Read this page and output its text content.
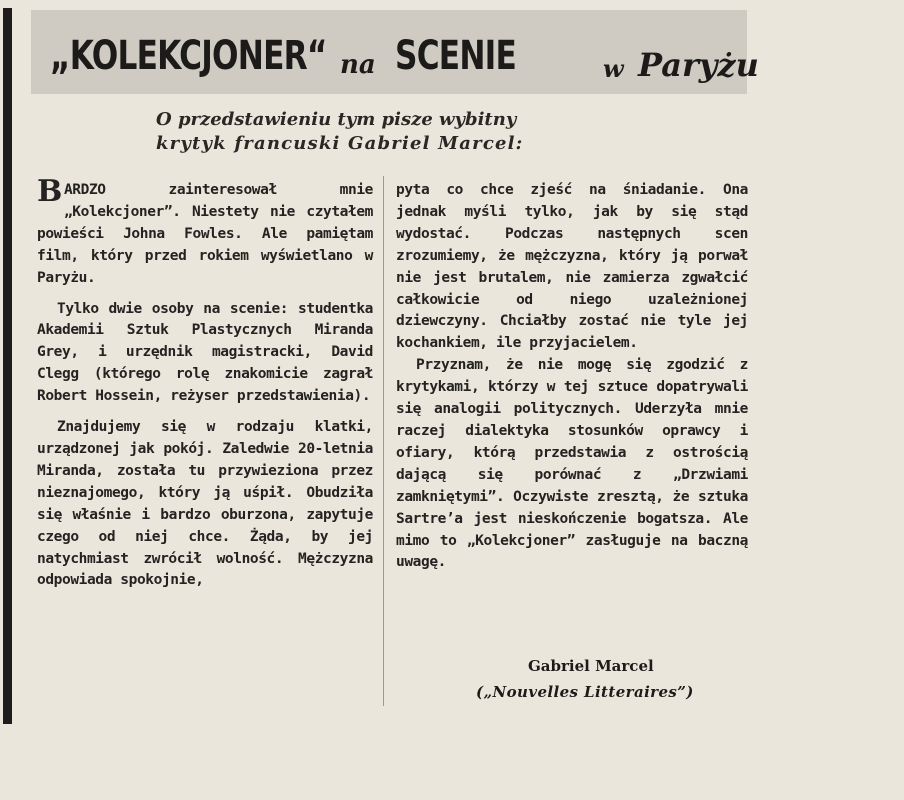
„KOLEKCJONER“ na SCENIE	w Paryżu

O przedstawieniu tym pisze wybitny
krytyk francuski Gabriel Marcel:

BARDZO zainteresował mnie „Kolekcjoner”. Niestety nie czytałem powieści Johna Fowles. Ale pamiętam film, który przed rokiem wyświetlano w Paryżu.

Tylko dwie osoby na scenie: studentka Akademii Sztuk Plastycznych Miranda Grey, i urzędnik magistracki, David Clegg (którego rolę znakomicie zagrał Robert Hossein, reżyser przedstawienia).

Znajdujemy się w rodzaju klatki, urządzonej jak pokój. Zaledwie 20-letnia Miranda, została tu przywieziona przez nieznajomego, który ją uśpił. Obudziła się właśnie i bardzo oburzona, zapytuje czego od niej chce. Żąda, by jej natychmiast zwrócił wolność. Mężczyzna odpowiada spokojnie,

pyta co chce zjeść na śniadanie. Ona jednak myśli tylko, jak by się stąd wydostać. Podczas następnych scen zrozumiemy, że mężczyzna, który ją porwał nie jest brutalem, nie zamierza zgwałcić całkowicie od niego uzależnionej dziewczyny. Chciałby zostać nie tyle jej kochankiem, ile przyjacielem.

Przyznam, że nie mogę się zgodzić z krytykami, którzy w tej sztuce dopatrywali się analogii politycznych. Uderzyła mnie raczej dialektyka stosunków oprawcy i ofiary, którą przedstawia z ostrością dającą się porównać z „Drzwiami zamkniętymi”. Oczywiste zresztą, że sztuka Sartre’a jest nieskończenie bogatsza. Ale mimo to „Kolekcjoner” zasługuje na baczną uwagę.

Gabriel Marcel

(„Nouvelles Litteraires”)
